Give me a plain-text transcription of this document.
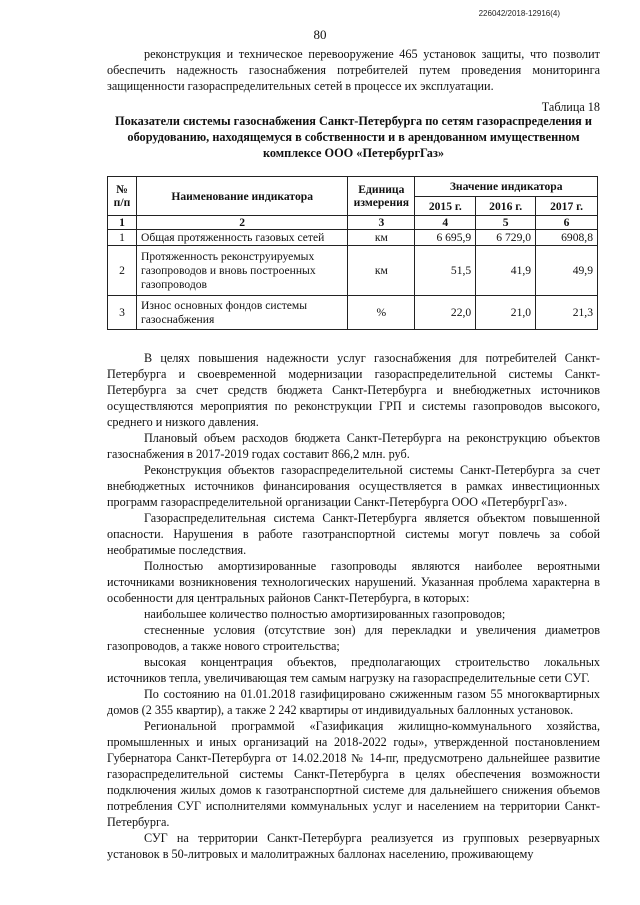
226042/2018-12916(4)
80
реконструкция и техническое перевооружение 465 установок защиты, что позволит обеспечить надежность газоснабжения потребителей путем проведения мониторинга защищенности газораспределительных сетей в процессе их эксплуатации.
Таблица 18
Показатели системы газоснабжения Санкт-Петербурга по сетям газораспределения и оборудованию, находящемуся в собственности и в арендованном имущественном комплексе ООО «ПетербургГаз»
№ п/п	Наименование индикатора	Единица измерения	Значение индикатора		
			2015 г.	2016 г.	2017 г.
1	2	3	4	5	6
1	Общая протяженность газовых сетей	км	6 695,9	6 729,0	6908,8
2	Протяженность реконструируемых газопроводов и вновь построенных газопроводов	км	51,5	41,9	49,9
3	Износ основных фондов системы газоснабжения	%	22,0	21,0	21,3

В целях повышения надежности услуг газоснабжения для потребителей Санкт-Петербурга и своевременной модернизации газораспределительной системы Санкт-Петербурга за счет средств бюджета Санкт-Петербурга и внебюджетных источников осуществляются мероприятия по реконструкции ГРП и системы газопроводов высокого, среднего и низкого давления.

Плановый объем расходов бюджета Санкт-Петербурга на реконструкцию объектов газоснабжения в 2017-2019 годах составит 866,2 млн. руб.

Реконструкция объектов газораспределительной системы Санкт-Петербурга за счет внебюджетных источников финансирования осуществляется в рамках инвестиционных программ газораспределительной организации Санкт-Петербурга ООО «ПетербургГаз».

Газораспределительная система Санкт-Петербурга является объектом повышенной опасности. Нарушения в работе газотранспортной системы могут повлечь за собой необратимые последствия.

Полностью амортизированные газопроводы являются наиболее вероятными источниками возникновения технологических нарушений. Указанная проблема характерна в особенности для центральных районов Санкт-Петербурга, в которых:

наибольшее количество полностью амортизированных газопроводов;

стесненные условия (отсутствие зон) для перекладки и увеличения диаметров газопроводов, а также нового строительства;

высокая концентрация объектов, предполагающих строительство локальных источников тепла, увеличивающая тем самым нагрузку на газораспределительные сети СУГ.

По состоянию на 01.01.2018 газифицировано сжиженным газом 55 многоквартирных домов (2 355 квартир), а также 2 242 квартиры от индивидуальных баллонных установок.

Региональной программой «Газификация жилищно-коммунального хозяйства, промышленных и иных организаций на 2018-2022 годы», утвержденной постановлением Губернатора Санкт-Петербурга от 14.02.2018 № 14-пг, предусмотрено дальнейшее развитие газораспределительной системы Санкт-Петербурга в целях обеспечения возможности подключения жилых домов к газотранспортной системе для дальнейшего снижения объемов потребления СУГ исполнителями коммунальных услуг и населением на территории Санкт-Петербурга.

СУГ на территории Санкт-Петербурга реализуется из групповых резервуарных установок в 50-литровых и малолитражных баллонах населению, проживающему
